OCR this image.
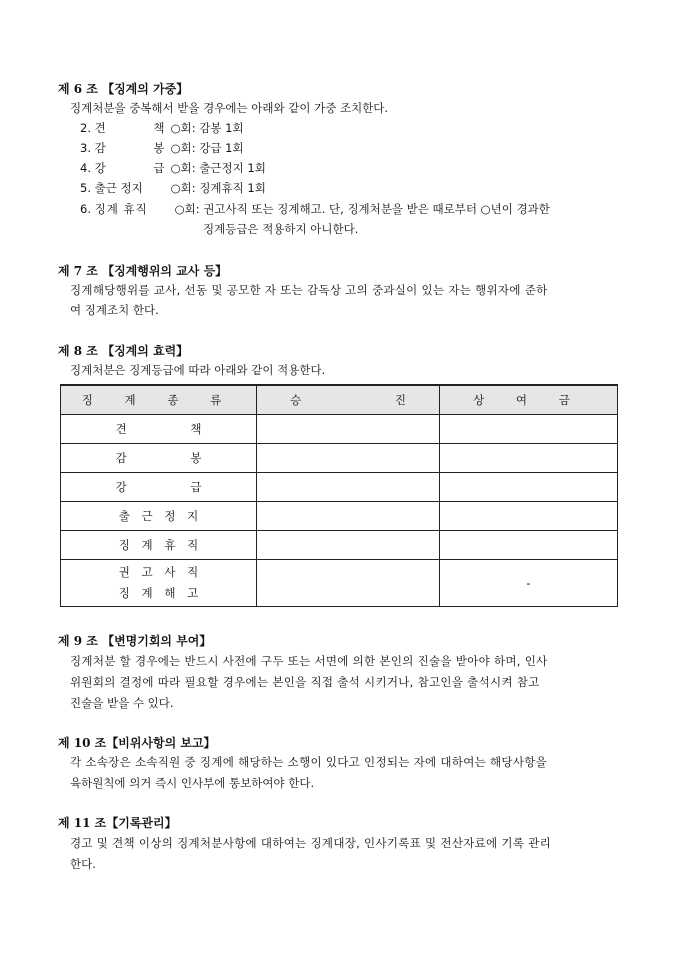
제 6 조 【징계의 가중】
징계처분을 중복해서 받을 경우에는 아래와 같이 가중 조치한다.
2. 견 책○회: 감봉 1회
3. 감 봉○회: 강급 1회
4. 강 급○회: 출근정지 1회
5. 출근 정지 ○회: 징계휴직 1회
6. 징계 휴직 ○회: 권고사직 또는 징계해고. 단, 징계처분을 받은 때로부터 ○년이 경과한
징계등급은 적용하지 아니한다.
제 7 조 【징계행위의 교사 등】
징계해당행위를 교사, 선동 및 공모한 자 또는 감독상 고의 중과실이 있는 자는 행위자에 준하
여 징계조치 한다.
제 8 조 【징계의 효력】
징계처분은 징계등급에 따라 아래와 같이 적용한다.
징 계 종 류	승 진	상 여 금
견 책		
감 봉		
강 급		
출 근 정 지		
징 계 휴 직		

권 고 사 직
징 계 해 고		-
제 9 조 【변명기회의 부여】
징계처분 할 경우에는 반드시 사전에 구두 또는 서면에 의한 본인의 진술을 받아야 하며, 인사
위원회의 결정에 따라 필요할 경우에는 본인을 직접 출석 시키거나, 참고인을 출석시켜 참고
진술을 받을 수 있다.
제 10 조【비위사항의 보고】
각 소속장은 소속직원 중 징계에 해당하는 소행이 있다고 인정되는 자에 대하여는 해당사항을
육하원칙에 의거 즉시 인사부에 통보하여야 한다.
제 11 조【기록관리】
경고 및 견책 이상의 징계처분사항에 대하여는 징계대장, 인사기록표 및 전산자료에 기록 관리
한다.
